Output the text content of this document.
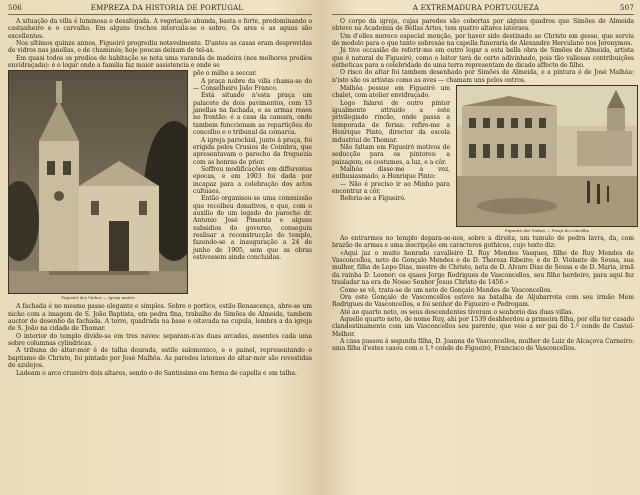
506	EMPREZA DA HISTORIA DE PORTUGAL

A situação da villa é luminosa e desafogada. A vegetação abunda, basta e forte, predominando o castanheiro e o carvalho. Em alguns trechos intercala-se o sobro. Os ares e as aguas são excellentes.

Nos ultimos quinze annos, Figueiró progrediu notavelmente. D'antes as casas eram desprovidas de vidros nas janellas, e de chaminés; hoje poucas deixam de tel-as.

Em quasi todos os predios de habitação se nota uma varanda de madeira (nos melhores predios envidraçada): é o logar onde a familia faz maior assistencia e onde se

Figueiró dos Vinhos — Igreja matriz

põe o milho a seccar.

A praça nobre da villa chama-se do — Conselheiro João Franco.

Está situado n'esta praça um palacete de dois pavimentos, com 13 janellas na fachada, e as armas reaes no frontão: é a casa da camara, onde tambem funccionam as repartições do concelho e o tribunal da comarca.

A igreja parochial, junto á praça, foi erigida pelos Crusios de Coimbra, que apresentavam o parocho da freguezia com as honras de prior.

Soffreu modificações em differentes epocas, e em 1903 foi dada por incapaz para a celebração dos actos cultuaes.

Então organisou-se uma commissão que recolheu donativos, e que, com o auxilio de um legado do parocho dr. Antonio José Pimenta e alguns subsidios do governo, conseguiu realisar a reconstrucção do templo, fazendo-se a inauguração a 24 de junho de 1905, sem que as obras estivessem ainda concluidas.

A fachada é no mesmo passo elegante e simples. Sobre o portico, estilo Renascença, abre-se um nicho com a imagem de S. João Baptista, em pedra fina, trabalho de Simões de Almeida, tambem auctor do desenho da fachada. A torre, quadrada na base e oitavada na cupula, lembra a da igreja de S. João na cidade de Thomar.

O interior do templo divide-se em tres naves: separam-n'as duas arcadas, assentes cada uma sobre columnas cylindricas.

A tribuna do altar-mór é de talha dourada, estilo salomonico, e o painel, representando o baptismo de Christo, foi pintado por José Malhôa. As paredes lateraes do altar-mór são revestidas de azulejos.

Ladeam o arco cruzeiro dois altares, sendo o do Santissimo em forma de capella e em talha.

A EXTREMADURA PORTUGUEZA	507

O corpo da igreja, cujas paredes são cobertas por alguns quadros que Simões de Almeida obteve na Academia de Bellas Artes, tem quatro altares lateraes.

Um d'elles merece especial menção, por haver sido destinado ao Christo em gesso, que serviu de modelo para o que tanto sobresáe na capella funeraria de Alexandre Herculano nos Jeronymos.

Já tive occasião de referir-me em outro logar a esta bella obra de Simões de Almeida, artista que é natural de Figueiró, como o leitor terá de certo adivinhado, pois tão valiosas contribuições estheticas para a celebridade de uma terra representam de dicado affecto de filho.

O risco do altar foi tambem desenhado por Simões de Almeida, e a pintura é de José Malhôa: n'isto são os artistas como as aves — chamam uns pelos outros.

Malhôa possue em Figueiró um chalet, com atelier envidraçado.

Logo falarei de outro pintor igualmente attraido a este privilegiado rincão, onde passa a temporada de ferias: refiro-me a Henrique Pinto, director da escola industrial de Thomar.

Não faltam em Figueiró motivos de seducção para os pintores: a paizagem, os costumes, a luz, e a côr.

Malhôa disse-me a vez, enthusiasmado, a Henrique Pinto:

— Não é preciso ir ao Minho para encontrar a côr.

Referia-se a Figueiró.

Figueiró dos Vinhos — Praça do concelho

Ao entrarmos no templo depara-se-nos, sobre a direita, um tumulo de pedra lavra, da, com brazão de armas e uma inscripção em caracteres gothicos, cujo texto diz:

«Aqui jaz o muito honrado cavalleiro D. Ruy Mendes Vasques, filho de Ruy Mendes de Vasconcellos, neto de Gonçalo Mendes e de D. Thereza Ribeiro; e de D. Violante de Sousa, sua mulher, filha de Lopo Dias, mestre de Christo, neta de D. Alvaro Dias de Sousa e de D. Maria, irmã da rainha D. Leonor; os quaes Jorge Rodrigues de Vasconcellos, seu filho herdeiro, para aqui fez trasladar na era de Nosso Senhor Jesus Christo de 1456.»

Como se vê, trata-se de um neto de Gonçalo Mendes de Vasconcellos.

Ora este Gonçalo de Vasconcellos esteve na batalha de Aljubarrota com seu irmão Mem Rodrigues de Vasconcellos, e foi senhor de Figueiró e Pedrogam.

Até ao quarto neto, os seus descendentes tiveram o senhorio das duas villas.

Aquelle quarto neto, de nome Ruy, ahi por 1539 deshherdou a primeira filha, por ella ter casado clandestinamente com um Vasconcellos seu parente, que veio a ser pai do 1.º conde de Castel-Melhor.

A casa passou á segunda filha, D. Joanna de Vasconcellos, mulher de Luiz de Alcaçova Carneiro: uma filha d'estes casou com o 1.º conde de Figueiró, Francisco de Vasconcellos.
